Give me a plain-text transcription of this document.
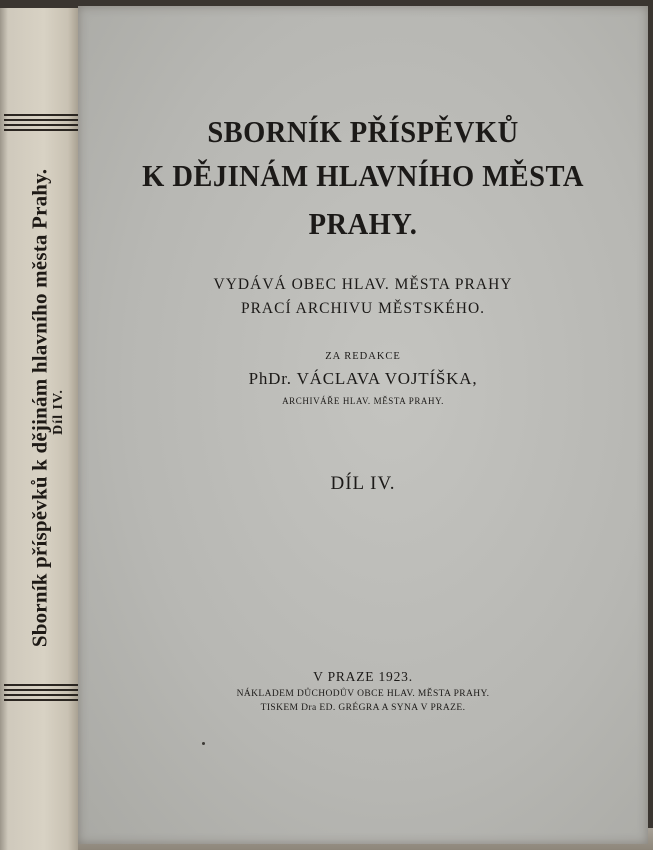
Sborník příspěvků k dějinám hlavního města Prahy. Díl IV.
SBORNÍK PŘÍSPĚVKŮ
K DĚJINÁM HLAVNÍHO MĚSTA
PRAHY.
VYDÁVÁ OBEC HLAV. MĚSTA PRAHY
PRACÍ ARCHIVU MĚSTSKÉHO.
ZA REDAKCE
PhDr. VÁCLAVA VOJTÍŠKA,
ARCHIVÁŘE HLAV. MĚSTA PRAHY.
DÍL IV.
V PRAZE 1923.
NÁKLADEM DŮCHODŮV OBCE HLAV. MĚSTA PRAHY.
TISKEM Dra ED. GRÉGRA A SYNA V PRAZE.
